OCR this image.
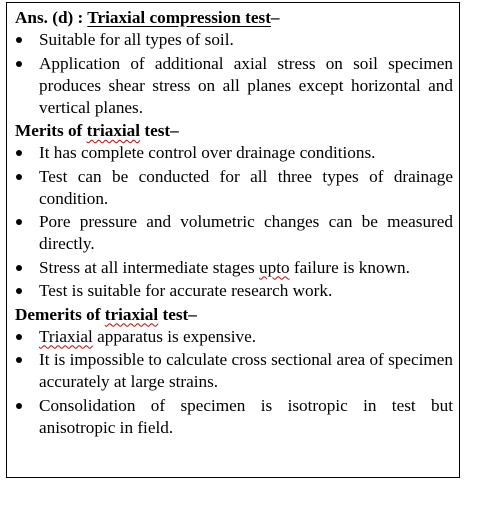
Ans. (d) : Triaxial compression test–

Suitable for all types of soil.
Application of additional axial stress on soil specimen produces shear stress on all planes except horizontal and vertical planes.

Merits of triaxial test–

It has complete control over drainage conditions.
Test can be conducted for all three types of drainage condition.
Pore pressure and volumetric changes can be measured directly.
Stress at all intermediate stages upto failure is known.
Test is suitable for accurate research work.

Demerits of triaxial test–

Triaxial apparatus is expensive.
It is impossible to calculate cross sectional area of specimen accurately at large strains.
Consolidation of specimen is isotropic in test but anisotropic in field.
